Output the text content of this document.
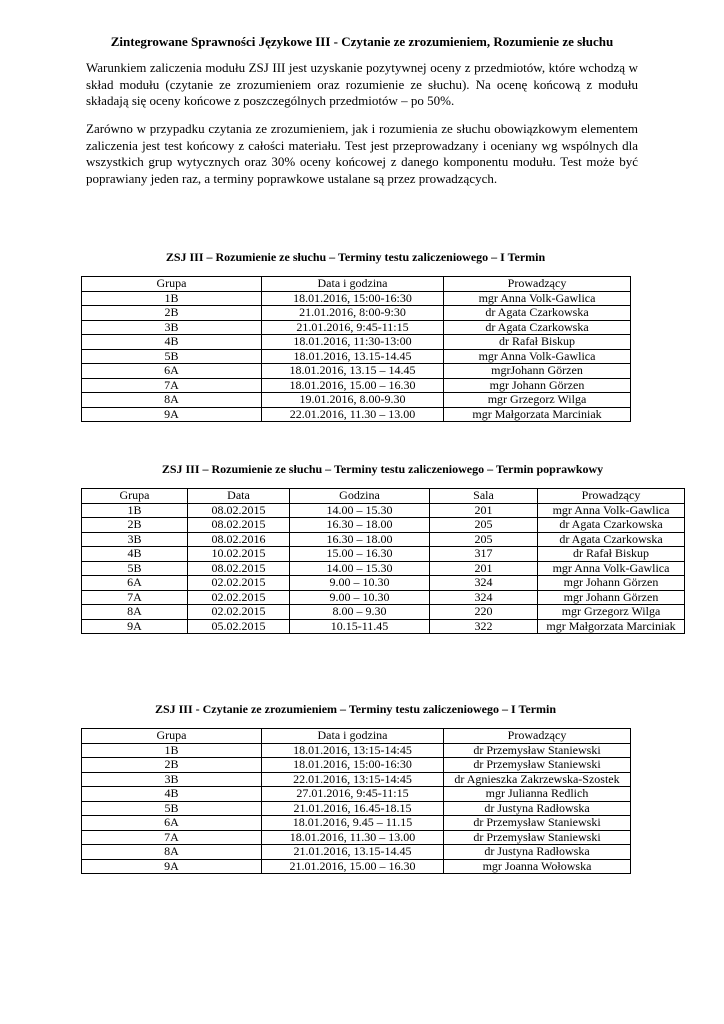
Zintegrowane Sprawności Językowe III - Czytanie ze zrozumieniem, Rozumienie ze słuchu

Warunkiem zaliczenia modułu ZSJ III jest uzyskanie pozytywnej oceny z przedmiotów, które wchodzą w skład modułu (czytanie ze zrozumieniem oraz rozumienie ze słuchu). Na ocenę końcową z modułu składają się oceny końcowe z poszczególnych przedmiotów – po 50%.

Zarówno w przypadku czytania ze zrozumieniem, jak i rozumienia ze słuchu obowiązkowym elementem zaliczenia jest test końcowy z całości materiału. Test jest przeprowadzany i oceniany wg wspólnych dla wszystkich grup wytycznych oraz 30% oceny końcowej z danego komponentu modułu. Test może być poprawiany jeden raz, a terminy poprawkowe ustalane są przez prowadzących.

ZSJ III – Rozumienie ze słuchu – Terminy testu zaliczeniowego – I Termin
Grupa	Data i godzina	Prowadzący
1B	18.01.2016, 15:00-16:30	mgr Anna Volk-Gawlica
2B	21.01.2016, 8:00-9:30	dr Agata Czarkowska
3B	21.01.2016, 9:45-11:15	dr Agata Czarkowska
4B	18.01.2016, 11:30-13:00	dr Rafał Biskup
5B	18.01.2016, 13.15-14.45	mgr Anna Volk-Gawlica
6A	18.01.2016, 13.15 – 14.45	mgrJohann Görzen
7A	18.01.2016, 15.00 – 16.30	mgr Johann Görzen
8A	19.01.2016, 8.00-9.30	mgr Grzegorz Wilga
9A	22.01.2016, 11.30 – 13.00	mgr Małgorzata Marciniak
ZSJ III – Rozumienie ze słuchu – Terminy testu zaliczeniowego – Termin poprawkowy
Grupa	Data	Godzina	Sala	Prowadzący
1B	08.02.2015	14.00 – 15.30	201	mgr Anna Volk-Gawlica
2B	08.02.2015	16.30 – 18.00	205	dr Agata Czarkowska
3B	08.02.2016	16.30 – 18.00	205	dr Agata Czarkowska
4B	10.02.2015	15.00 – 16.30	317	dr Rafał Biskup
5B	08.02.2015	14.00 – 15.30	201	mgr Anna Volk-Gawlica
6A	02.02.2015	9.00 – 10.30	324	mgr Johann Görzen
7A	02.02.2015	9.00 – 10.30	324	mgr Johann Görzen
8A	02.02.2015	8.00 – 9.30	220	mgr Grzegorz Wilga
9A	05.02.2015	10.15-11.45	322	mgr Małgorzata Marciniak
ZSJ III - Czytanie ze zrozumieniem – Terminy testu zaliczeniowego – I Termin
Grupa	Data i godzina	Prowadzący
1B	18.01.2016, 13:15-14:45	dr Przemysław Staniewski
2B	18.01.2016, 15:00-16:30	dr Przemysław Staniewski
3B	22.01.2016, 13:15-14:45	dr Agnieszka Zakrzewska-Szostek
4B	27.01.2016, 9:45-11:15	mgr Julianna Redlich
5B	21.01.2016, 16.45-18.15	dr Justyna Radłowska
6A	18.01.2016, 9.45 – 11.15	dr Przemysław Staniewski
7A	18.01.2016, 11.30 – 13.00	dr Przemysław Staniewski
8A	21.01.2016, 13.15-14.45	dr Justyna Radłowska
9A	21.01.2016, 15.00 – 16.30	mgr Joanna Wołowska
